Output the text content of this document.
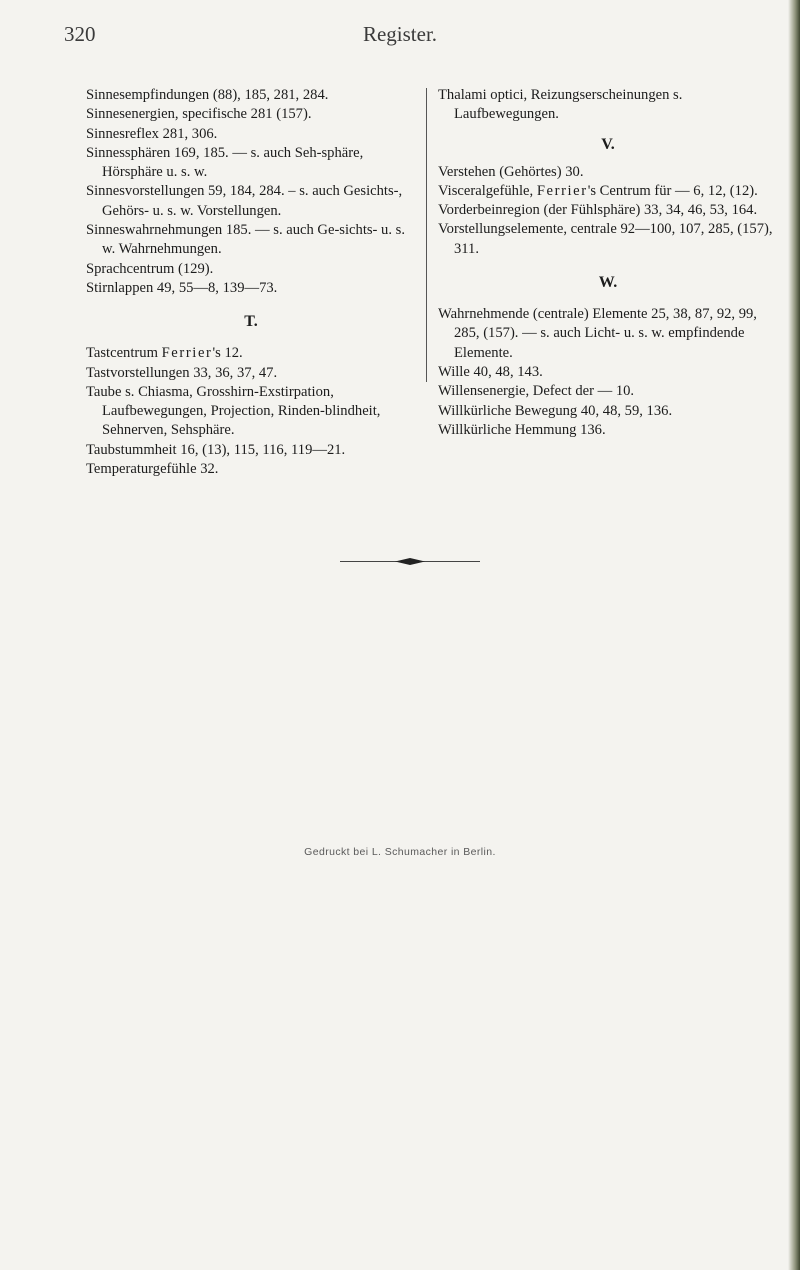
320	Register.

Sinnesempfindungen (88), 185, 281, 284.

Sinnesenergien, specifische 281 (157).

Sinnesreflex 281, 306.

Sinnessphären 169, 185. — s. auch Seh-sphäre, Hörsphäre u. s. w.

Sinnesvorstellungen 59, 184, 284. – s. auch Gesichts-, Gehörs- u. s. w. Vorstellungen.

Sinneswahrnehmungen 185. — s. auch Ge-sichts- u. s. w. Wahrnehmungen.

Sprachcentrum (129).

Stirnlappen 49, 55—8, 139—73.

T.

Tastcentrum Ferrier's 12.

Tastvorstellungen 33, 36, 37, 47.

Taube s. Chiasma, Grosshirn-Exstirpation, Laufbewegungen, Projection, Rinden-blindheit, Sehnerven, Sehsphäre.

Taubstummheit 16, (13), 115, 116, 119—21.

Temperaturgefühle 32.

Thalami optici, Reizungserscheinungen s. Laufbewegungen.

V.

Verstehen (Gehörtes) 30.

Visceralgefühle, Ferrier's Centrum für — 6, 12, (12).

Vorderbeinregion (der Fühlsphäre) 33, 34, 46, 53, 164.

Vorstellungselemente, centrale 92—100, 107, 285, (157), 311.

W.

Wahrnehmende (centrale) Elemente 25, 38, 87, 92, 99, 285, (157). — s. auch Licht- u. s. w. empfindende Elemente.

Wille 40, 48, 143.

Willensenergie, Defect der — 10.

Willkürliche Bewegung 40, 48, 59, 136.

Willkürliche Hemmung 136.

Gedruckt bei L. Schumacher in Berlin.
